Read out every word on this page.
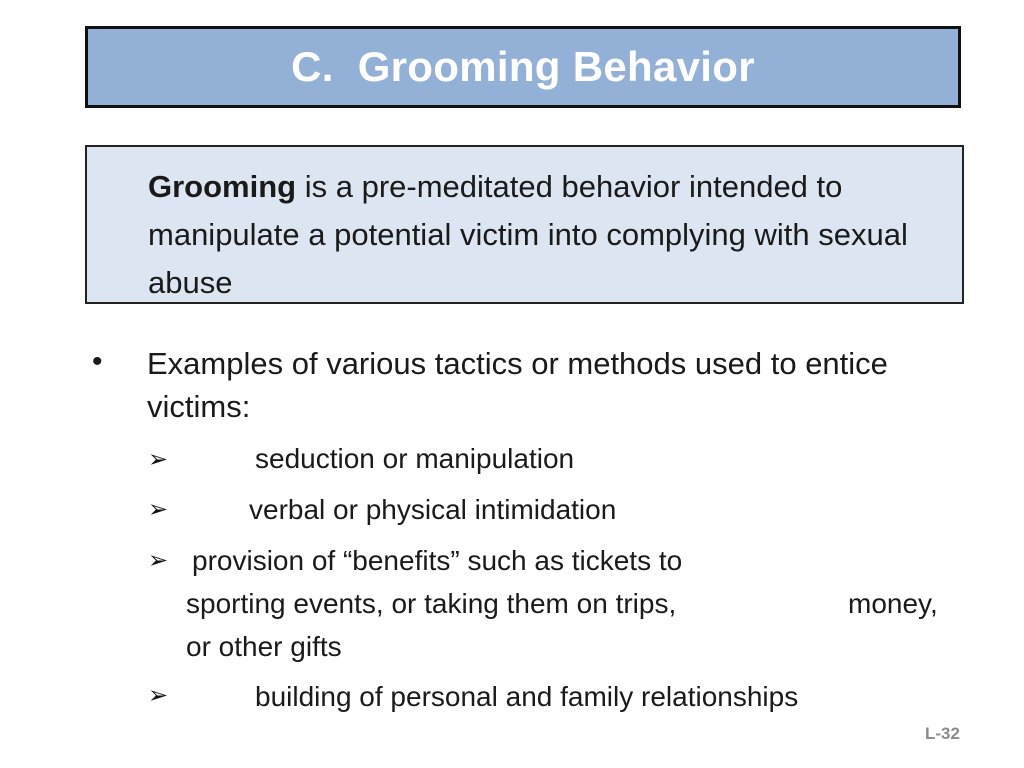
C.  Grooming Behavior
Grooming is a pre-meditated behavior intended to manipulate a potential victim into complying with sexual abuse
• Examples of various tactics or methods used to entice victims:
➢	seduction or manipulation
➢	verbal or physical intimidation
➢ provision of “benefits” such as tickets to
sporting events, or taking them on trips,	money,
or other gifts
➢	building of personal and family relationships
L-32
